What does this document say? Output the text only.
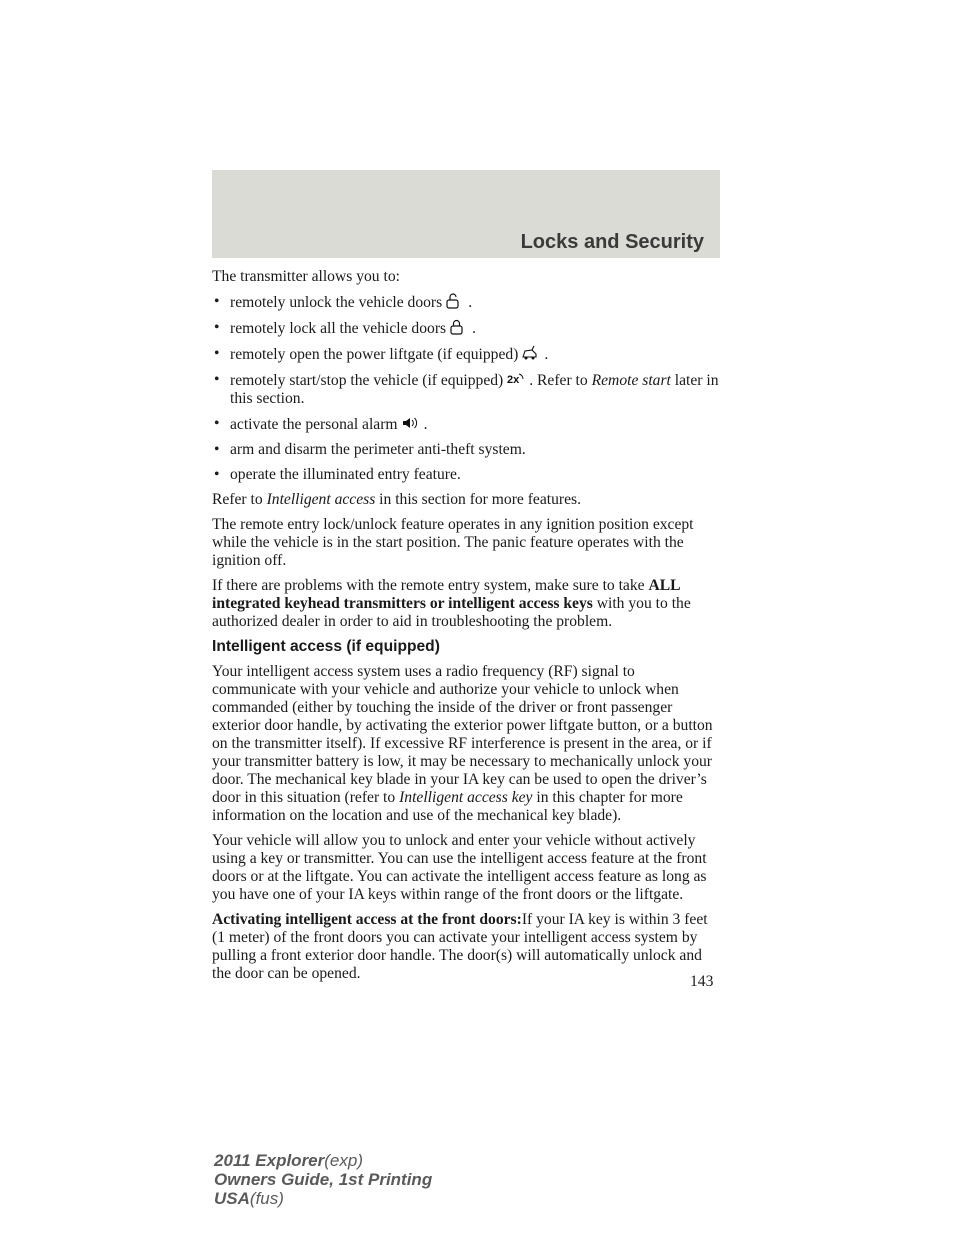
Locks and Security

The transmitter allows you to:

• remotely unlock the vehicle doors .
• remotely lock all the vehicle doors .
• remotely open the power liftgate (if equipped) .
• remotely start/stop the vehicle (if equipped) 2x . Refer to Remote start later in this section.
• activate the personal alarm .
• arm and disarm the perimeter anti-theft system.
• operate the illuminated entry feature.

Refer to Intelligent access in this section for more features.

The remote entry lock/unlock feature operates in any ignition position except while the vehicle is in the start position. The panic feature operates with the ignition off.

If there are problems with the remote entry system, make sure to take ALL integrated keyhead transmitters or intelligent access keys with you to the authorized dealer in order to aid in troubleshooting the problem.

Intelligent access (if equipped)

Your intelligent access system uses a radio frequency (RF) signal to communicate with your vehicle and authorize your vehicle to unlock when commanded (either by touching the inside of the driver or front passenger exterior door handle, by activating the exterior power liftgate button, or a button on the transmitter itself). If excessive RF interference is present in the area, or if your transmitter battery is low, it may be necessary to mechanically unlock your door. The mechanical key blade in your IA key can be used to open the driver’s door in this situation (refer to Intelligent access key in this chapter for more information on the location and use of the mechanical key blade).

Your vehicle will allow you to unlock and enter your vehicle without actively using a key or transmitter. You can use the intelligent access feature at the front doors or at the liftgate. You can activate the intelligent access feature as long as you have one of your IA keys within range of the front doors or the liftgate.

Activating intelligent access at the front doors:If your IA key is within 3 feet (1 meter) of the front doors you can activate your intelligent access system by pulling a front exterior door handle. The door(s) will automatically unlock and the door can be opened.	143
2011 Explorer(exp)
Owners Guide, 1st Printing
USA(fus)
